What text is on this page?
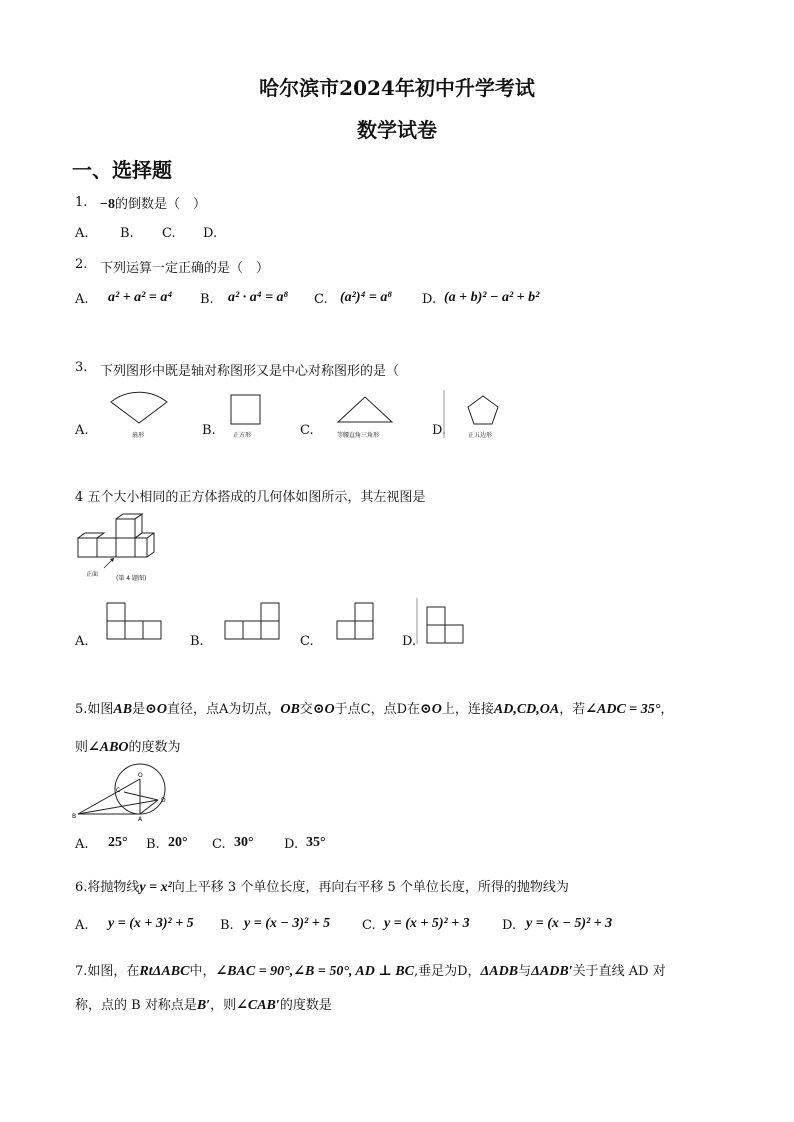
哈尔滨市2024年初中升学考试
数学试卷
一、选择题
1. −8的倒数是（　）
A. B. C. D.
2. 下列运算一定正确的是（　）
A. a² + a² = a⁴ B. a² · a⁴ = a⁸ C. (a²)⁴ = a⁸ D. (a + b)² − a² + b²
3. 下列图形中既是轴对称图形又是中心对称图形的是（
A.	扇形	B.	正方形	C.	等腰直角三角形	D.	正五边形
4 五个大小相同的正方体搭成的几何体如图所示，其左视图是
正面
(第 4 题图)
A.	B.	C.	D.
5.如图AB是⊙O直径，点A为切点，OB交⊙O于点C，点D在⊙O上，连接AD,CD,OA，若∠ADC = 35°，
则∠ABO的度数为
O
C
B
D
A
A. 25° B. 20° C. 30° D. 35°
6.将抛物线y = x²向上平移 3 个单位长度，再向右平移 5 个单位长度，所得的抛物线为
A. y = (x + 3)² + 5 B. y = (x − 3)² + 5 C. y = (x + 5)² + 3 D. y = (x − 5)² + 3
7.如图，在RtΔABC中，∠BAC = 90°,∠B = 50°, AD ⊥ BC,垂足为D，ΔADB与ΔADB′关于直线 AD 对
称，点的 B 对称点是B′，则∠CAB′的度数是
